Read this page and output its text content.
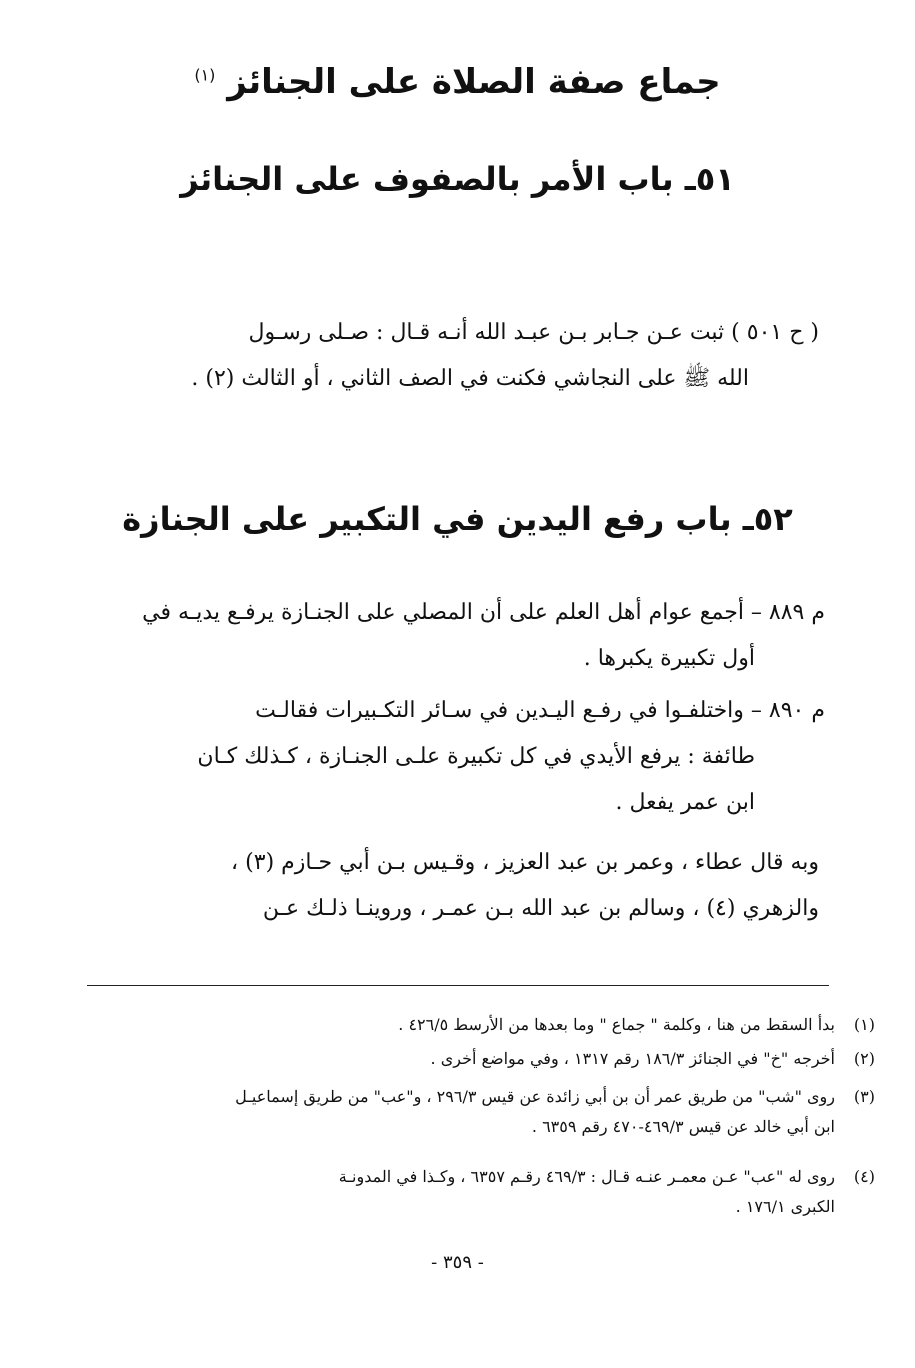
جماع صفة الصلاة على الجنائز $^{(١)}$
٥١ـ باب الأمر بالصفوف على الجنائز
( ح ٥٠١ ) ثبت عـن جـابر بـن عبـد الله أنـه قـال : صـلى رسـول
الله ﷺ على النجاشي فكنت في الصف الثاني ، أو الثالث (٢) .
٥٢ـ باب رفع اليدين في التكبير على الجنازة
م ٨٨٩ – أجمع عوام أهل العلم على أن المصلي على الجنـازة يرفـع يديـه في
أول تكبيرة يكبرها .
م ٨٩٠ – واختلفـوا في رفـع اليـدين في سـائر التكـبيرات فقالـت
طائفة : يرفع الأيدي في كل تكبيرة علـى الجنـازة ، كـذلك كـان
ابن عمر يفعل .
وبه قال عطاء ، وعمر بن عبد العزيز ، وقـيس بـن أبي حـازم (٣) ،
والزهري (٤) ، وسالم بن عبد الله بـن عمـر ، وروينـا ذلـك عـن
(١)
بدأ السقط من هنا ، وكلمة " جماع " وما بعدها من الأرسط ٤٢٦/٥ .
(٢)
أخرجه "خ" في الجنائز ١٨٦/٣ رقم ١٣١٧ ، وفي مواضع أخرى .
(٣)
روى "شب" من طريق عمر أن بن أبي زائدة عن قيس ٢٩٦/٣ ، و"عب" من طريق إسماعيـل
ابن أبي خالد عن قيس ٤٦٩/٣-٤٧٠ رقم ٦٣٥٩ .
(٤)
روى له "عب" عـن معمـر عنـه قـال : ٤٦٩/٣ رقـم ٦٣٥٧ ، وكـذا في المدونـة
الكبرى ١٧٦/١ .
- ٣٥٩ -
